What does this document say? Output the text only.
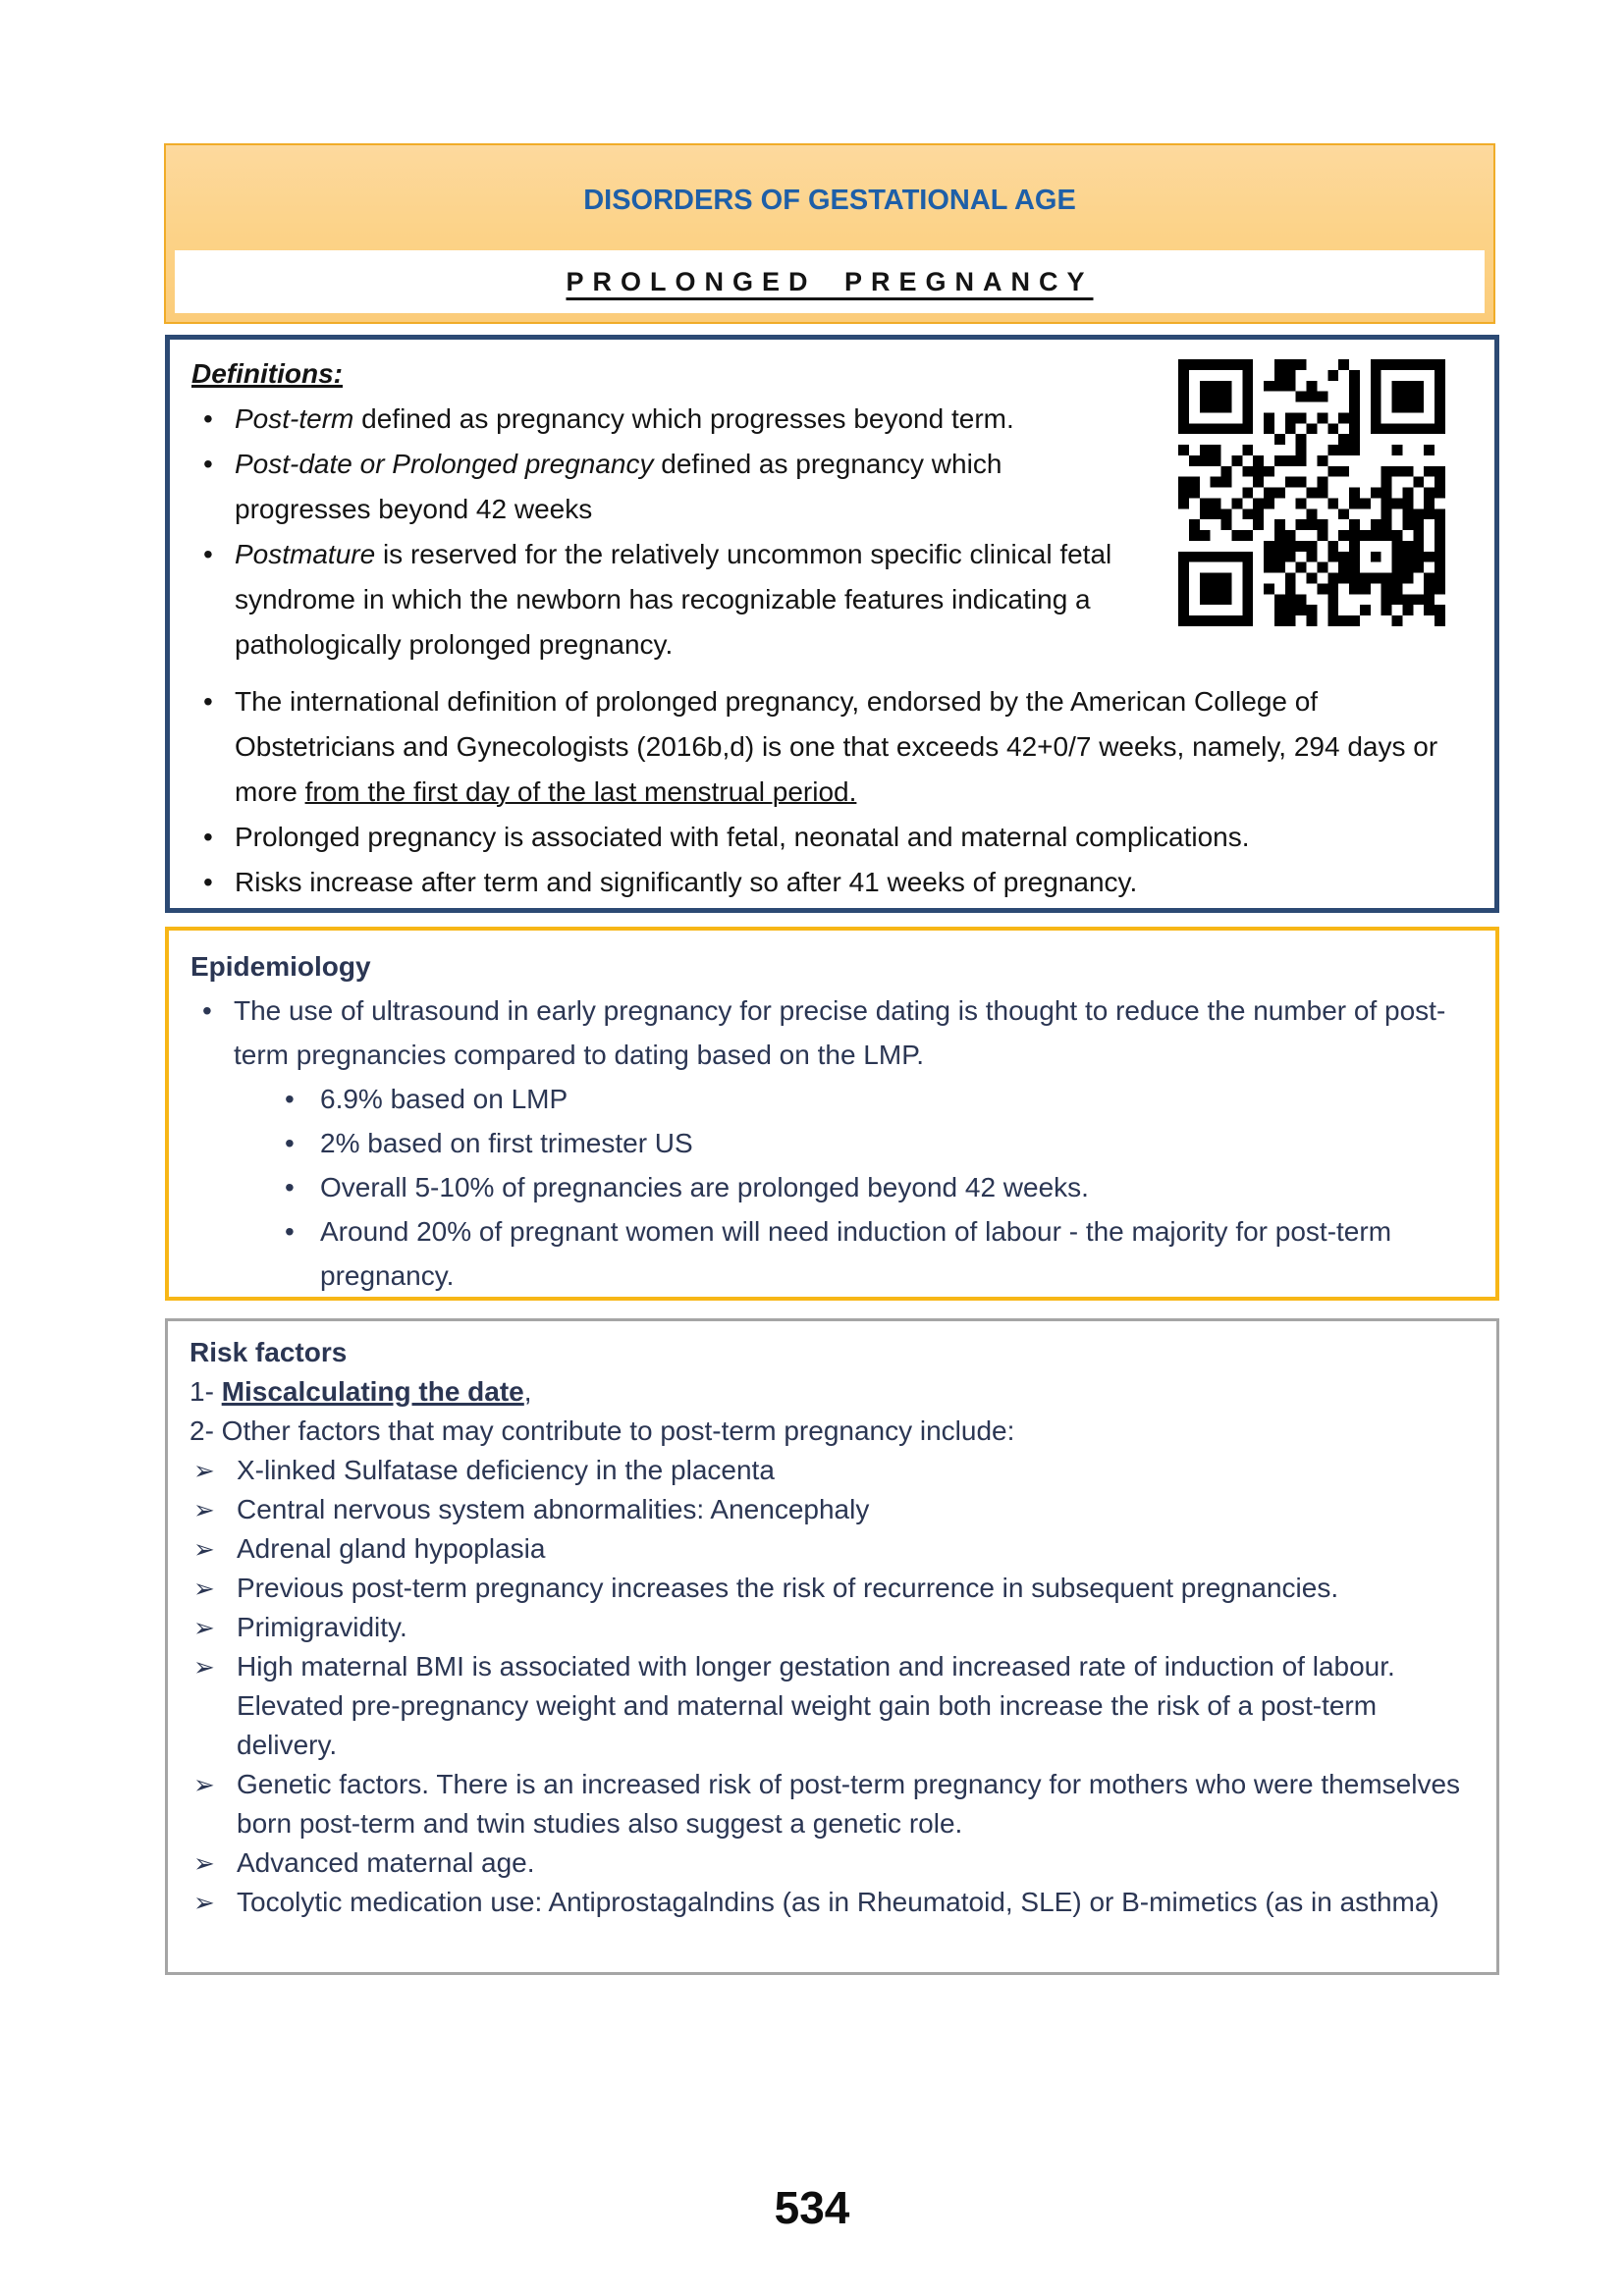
DISORDERS OF GESTATIONAL AGE
PROLONGED PREGNANCY
Definitions:
• Post-term defined as pregnancy which progresses beyond term.
• Post-date or Prolonged pregnancy defined as pregnancy which progresses beyond 42 weeks
• Postmature is reserved for the relatively uncommon specific clinical fetal syndrome in which the newborn has recognizable features indicating a pathologically prolonged pregnancy.
• The international definition of prolonged pregnancy, endorsed by the American College of Obstetricians and Gynecologists (2016b,d) is one that exceeds 42+0/7 weeks, namely, 294 days or more from the first day of the last menstrual period.
• Prolonged pregnancy is associated with fetal, neonatal and maternal complications.
• Risks increase after term and significantly so after 41 weeks of pregnancy.
Epidemiology
• The use of ultrasound in early pregnancy for precise dating is thought to reduce the number of post-term pregnancies compared to dating based on the LMP.
• 6.9% based on LMP
• 2% based on first trimester US
• Overall 5-10% of pregnancies are prolonged beyond 42 weeks.
• Around 20% of pregnant women will need induction of labour - the majority for post-term pregnancy.
Risk factors
1- Miscalculating the date,
2- Other factors that may contribute to post-term pregnancy include:
➢ X-linked Sulfatase deficiency in the placenta
➢ Central nervous system abnormalities: Anencephaly
➢ Adrenal gland hypoplasia
➢ Previous post-term pregnancy increases the risk of recurrence in subsequent pregnancies.
➢ Primigravidity.
➢ High maternal BMI is associated with longer gestation and increased rate of induction of labour. Elevated pre-pregnancy weight and maternal weight gain both increase the risk of a post-term delivery.
➢ Genetic factors. There is an increased risk of post-term pregnancy for mothers who were themselves born post-term and twin studies also suggest a genetic role.
➢ Advanced maternal age.
➢ Tocolytic medication use: Antiprostagalndins (as in Rheumatoid, SLE) or B-mimetics (as in asthma)
534
